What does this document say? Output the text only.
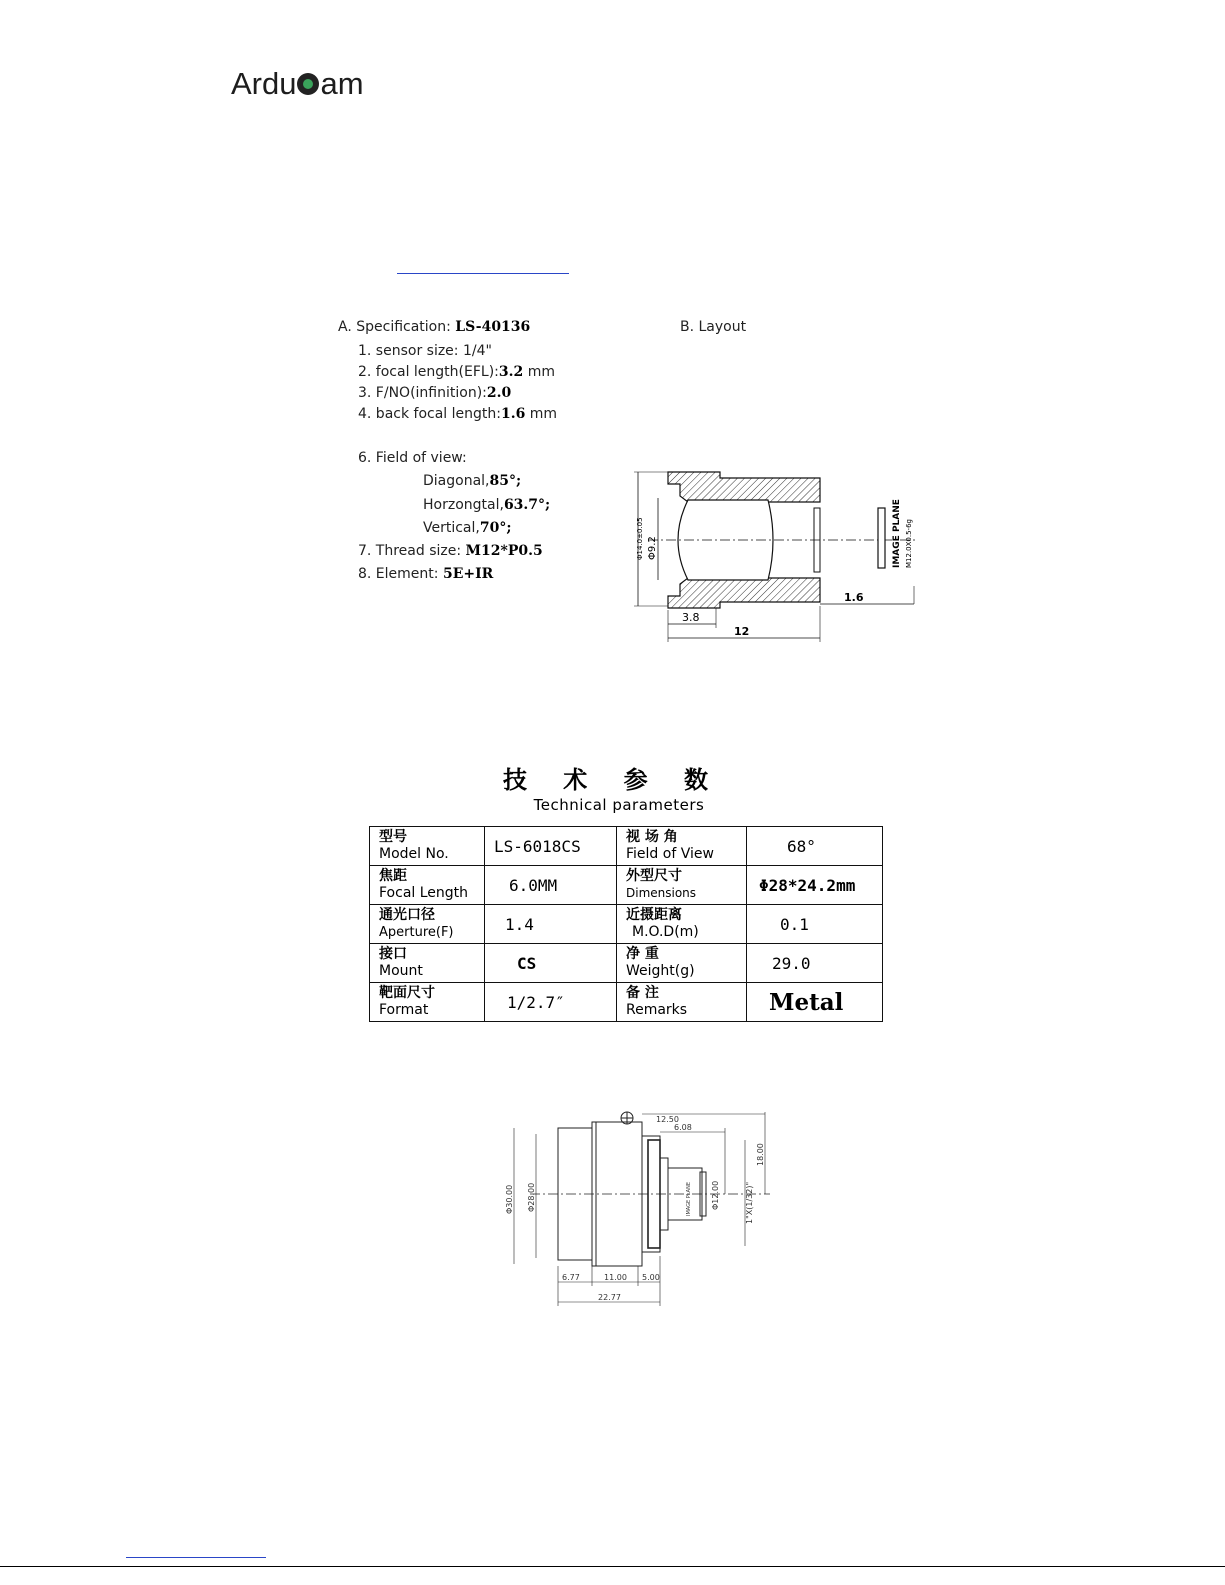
Ardu am
A. Specification: LS-40136	B. Layout
1. sensor size: 1/4"
2. focal length(EFL):3.2 mm
3. F/NO(infinition):2.0
4. back focal length:1.6 mm
6. Field of view:
Diagonal,85°;
Horzongtal,63.7°;
Vertical,70°;
7. Thread size: M12*P0.5
8. Element: 5E+IR
IMAGE PLANE M12.0X0.5-6g
Φ14.0±0.05 Φ9.2
3.8
12
1.6
技 术 参 数
Technical parameters
型号
Model No.	LS-6018CS	视 场 角
Field of View	68°

焦距
Focal Length	6.0MM	外型尺寸
Dimensions	Φ28*24.2mm

通光口径
Aperture(F)	1.4	近摄距离
M.O.D(m)	0.1

接口
Mount	CS	净 重
Weight(g)	29.0

靶面尺寸
Format	1/2.7″	备 注
Remarks	Metal
Φ30.00 Φ28.00	IMAGE PLANE Φ12.00	1"X(1/32)"
18.00
12.50
6.08
6.77	11.00 5.00
22.77
